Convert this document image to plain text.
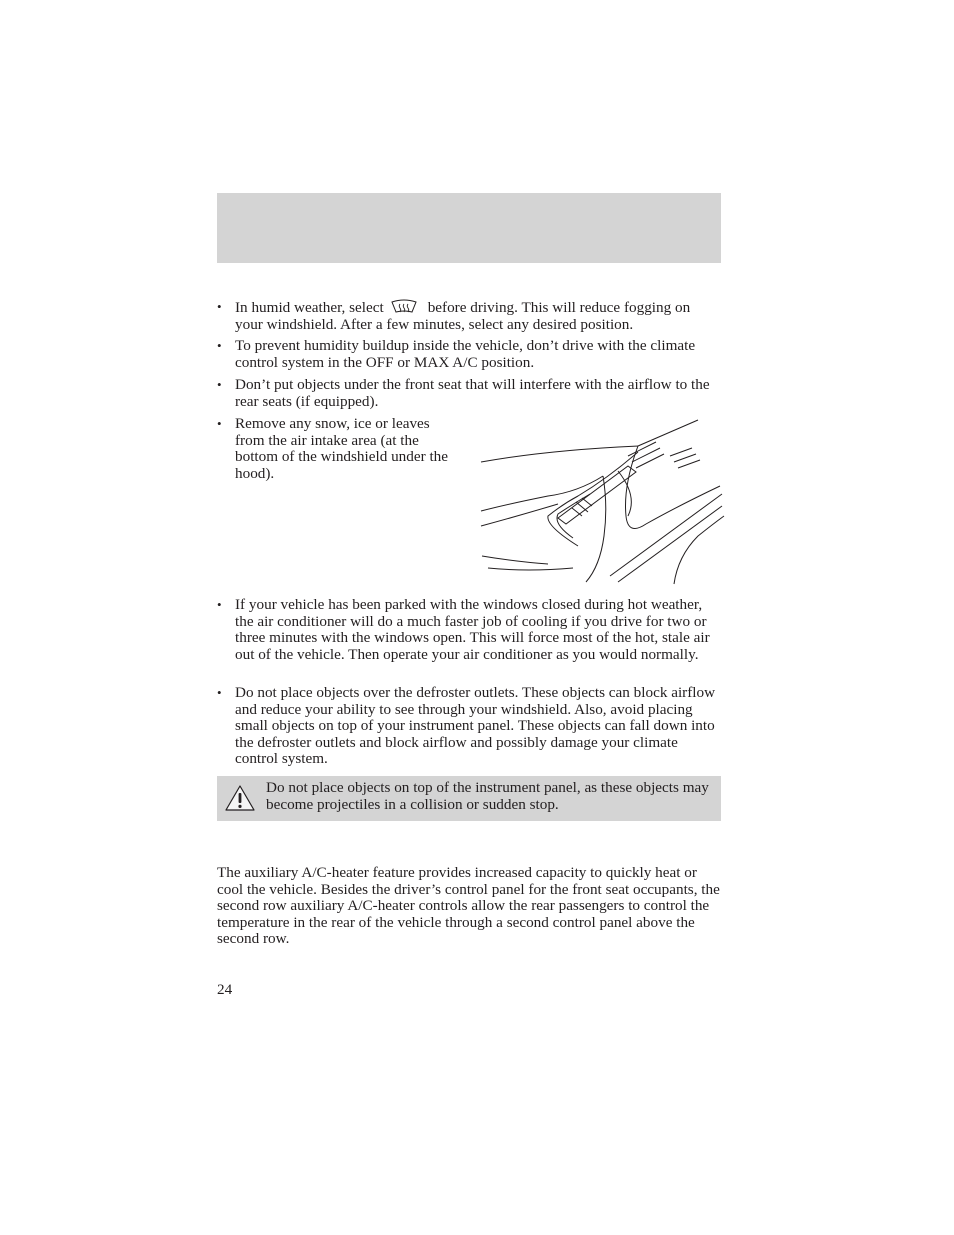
• In humid weather, select	before driving. This will reduce fogging on your windshield. After a few minutes, select any desired position.
• To prevent humidity buildup inside the vehicle, don’t drive with the climate control system in the OFF or MAX A/C position.
• Don’t put objects under the front seat that will interfere with the airflow to the rear seats (if equipped).
• Remove any snow, ice or leaves from the air intake area (at the bottom of the windshield under the hood).
• If your vehicle has been parked with the windows closed during hot weather, the air conditioner will do a much faster job of cooling if you drive for two or three minutes with the windows open. This will force most of the hot, stale air out of the vehicle. Then operate your air conditioner as you would normally.
• Do not place objects over the defroster outlets. These objects can block airflow and reduce your ability to see through your windshield. Also, avoid placing small objects on top of your instrument panel. These objects can fall down into the defroster outlets and block airflow and possibly damage your climate control system.
Do not place objects on top of the instrument panel, as these objects may become projectiles in a collision or sudden stop.
The auxiliary A/C-heater feature provides increased capacity to quickly heat or cool the vehicle. Besides the driver’s control panel for the front seat occupants, the second row auxiliary A/C-heater controls allow the rear passengers to control the temperature in the rear of the vehicle through a second control panel above the second row.
24
